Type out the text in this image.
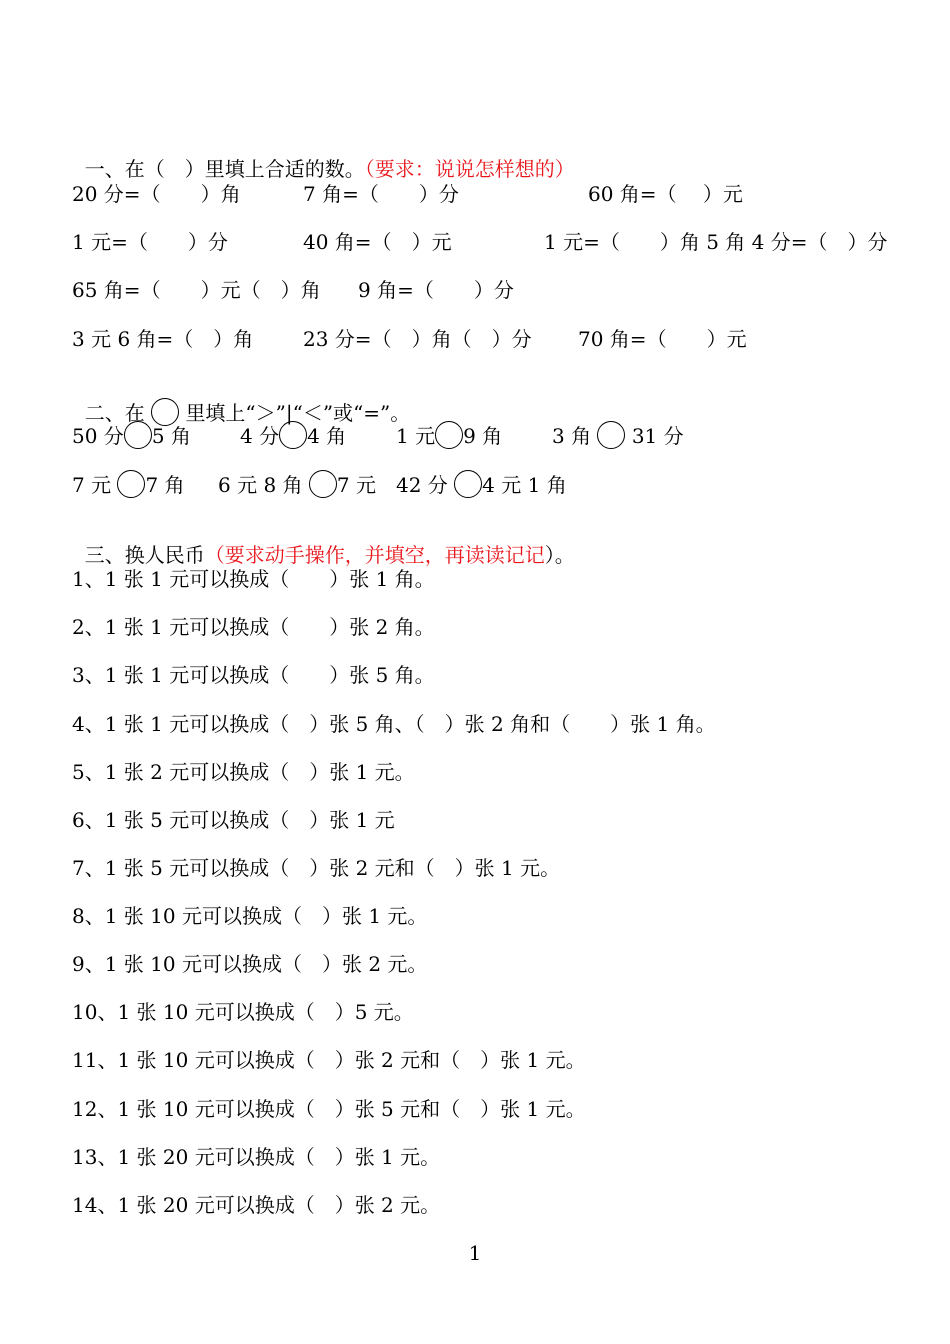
一、在（　）里填上合适的数。（要求：说说怎样想的）

20 分=（　　）角	7 角=（　　）分	60 角=（　 ）元
1 元=（　　）分	40 角=（　）元	1 元=（　　）角 5 角 4 分=（　）分
65 角=（　　）元（　）角 9 角=（　　）分
3 元 6 角=（　）角 23 分=（　）角（　）分 70 角=（　　）元

二、在 里填上“＞”|“＜”或“=”。

50 分 5 角 4 分 4 角 1 元 9 角 3 角 31 分
7 元 7 角 6 元 8 角 7 元 42 分 4 元 1 角

三、换人民币（要求动手操作，并填空，再读读记记）。

1、1 张 1 元可以换成（　　）张 1 角。
2、1 张 1 元可以换成（　　）张 2 角。
3、1 张 1 元可以换成（　　）张 5 角。
4、1 张 1 元可以换成（　）张 5 角、（　）张 2 角和（　　）张 1 角。
5、1 张 2 元可以换成（　）张 1 元。
6、1 张 5 元可以换成（　）张 1 元
7、1 张 5 元可以换成（　）张 2 元和（　）张 1 元。
8、1 张 10 元可以换成（　）张 1 元。
9、1 张 10 元可以换成（　）张 2 元。
10、1 张 10 元可以换成（　）5 元。
11、1 张 10 元可以换成（　）张 2 元和（　）张 1 元。
12、1 张 10 元可以换成（　）张 5 元和（　）张 1 元。
13、1 张 20 元可以换成（　）张 1 元。
14、1 张 20 元可以换成（　）张 2 元。
1
